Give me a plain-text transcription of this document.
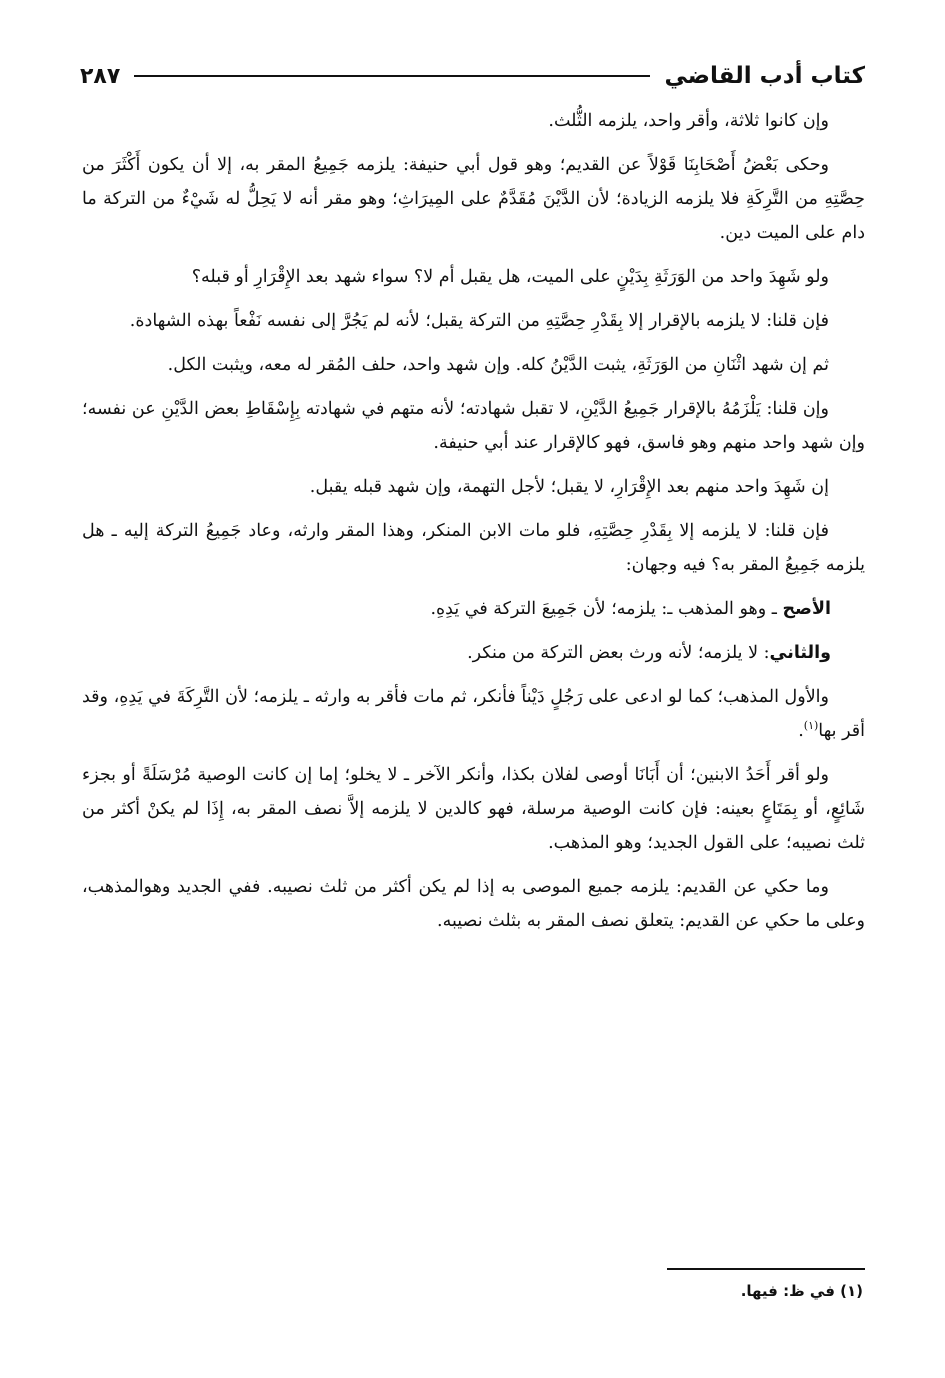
كتاب أدب القاضي
٢٨٧

وإن كانوا ثلاثة، وأقر واحد، يلزمه الثُّلث.

وحكى بَعْضُ أَصْحَابِنَا قَوْلاً عن القديم؛ وهو قول أبي حنيفة: يلزمه جَمِيعُ المقر به، إلا أن يكون أَكْثَرَ من حِصَّتِهِ من التَّرِكَةِ فلا يلزمه الزيادة؛ لأن الدَّيْنَ مُقَدَّمٌ على المِيرَاثِ؛ وهو مقر أنه لا يَحِلُّ له شَيْءٌ من التركة ما دام على الميت دين.

ولو شَهِدَ واحد من الوَرَثَةِ بِدَيْنٍ على الميت، هل يقبل أم لا؟ سواء شهد بعد الإِقْرَارِ أو قبله؟

فإن قلنا: لا يلزمه بالإقرار إلا بِقَدْرِ حِصَّتِهِ من التركة يقبل؛ لأنه لم يَجُرَّ إلى نفسه نَفْعاً بهذه الشهادة.

ثم إن شهد اثْنَانِ من الوَرَثَةِ، يثبت الدَّيْنُ كله. وإن شهد واحد، حلف المُقر له معه، ويثبت الكل.

وإن قلنا: يَلْزَمُهُ بالإقرار جَمِيعُ الدَّيْنِ، لا تقبل شهادته؛ لأنه متهم في شهادته بِإِسْقَاطِ بعض الدَّيْنِ عن نفسه؛ وإن شهد واحد منهم وهو فاسق، فهو كالإقرار عند أبي حنيفة.

إن شَهِدَ واحد منهم بعد الإِقْرَارِ، لا يقبل؛ لأجل التهمة، وإن شهد قبله يقبل.

فإن قلنا: لا يلزمه إلا بِقَدْرِ حِصَّتِهِ، فلو مات الابن المنكر، وهذا المقر وارثه، وعاد جَمِيعُ التركة إليه ـ هل يلزمه جَمِيعُ المقر به؟ فيه وجهان:

الأصح ـ وهو المذهب ـ: يلزمه؛ لأن جَمِيعَ التركة في يَدِهِ.

والثاني: لا يلزمه؛ لأنه ورث بعض التركة من منكر.

والأول المذهب؛ كما لو ادعى على رَجُلٍ دَيْناً فأنكر، ثم مات فأقر به وارثه ـ يلزمه؛ لأن التَّرِكَةَ في يَدِهِ، وقد أقر بها$^{(١)}$.

ولو أقر أَحَدُ الابنين؛ أن أَبَانَا أوصى لفلان بكذا، وأنكر الآخر ـ لا يخلو؛ إما إن كانت الوصية مُرْسَلَةً أو بجزء شَائِعٍ، أو بِمَتَاعٍ بعينه: فإن كانت الوصية مرسلة، فهو كالدين لا يلزمه إلاَّ نصف المقر به، إِذَا لم يكنْ أكثر من ثلث نصيبه؛ على القول الجديد؛ وهو المذهب.

وما حكي عن القديم: يلزمه جميع الموصى به إذا لم يكن أكثر من ثلث نصيبه. ففي الجديد وهوالمذهب، وعلى ما حكي عن القديم: يتعلق نصف المقر به بثلث نصيبه.

(١) في ظ: فيها.
